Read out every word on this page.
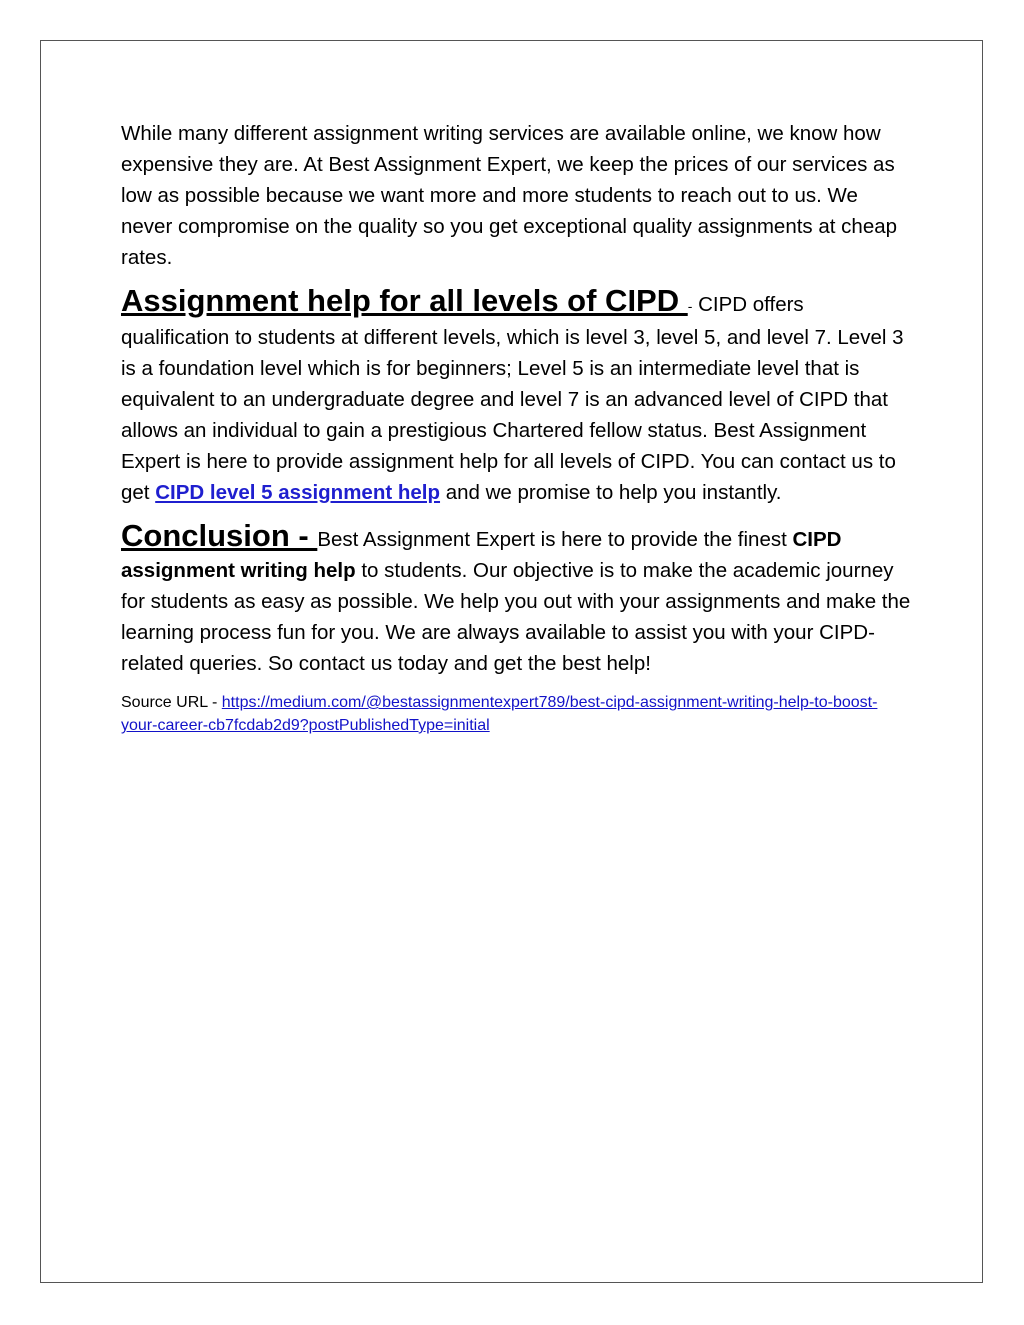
While many different assignment writing services are available online, we know how expensive they are. At Best Assignment Expert, we keep the prices of our services as low as possible because we want more and more students to reach out to us. We never compromise on the quality so you get exceptional quality assignments at cheap rates.

Assignment help for all levels of CIPD - CIPD offers qualification to students at different levels, which is level 3, level 5, and level 7. Level 3 is a foundation level which is for beginners; Level 5 is an intermediate level that is equivalent to an undergraduate degree and level 7 is an advanced level of CIPD that allows an individual to gain a prestigious Chartered fellow status. Best Assignment Expert is here to provide assignment help for all levels of CIPD. You can contact us to get CIPD level 5 assignment help and we promise to help you instantly.

Conclusion - Best Assignment Expert is here to provide the finest CIPD assignment writing help to students. Our objective is to make the academic journey for students as easy as possible. We help you out with your assignments and make the learning process fun for you. We are always available to assist you with your CIPD-related queries. So contact us today and get the best help!

Source URL - https://medium.com/@bestassignmentexpert789/best-cipd-assignment-writing-help-to-boost-your-career-cb7fcdab2d9?postPublishedType=initial
